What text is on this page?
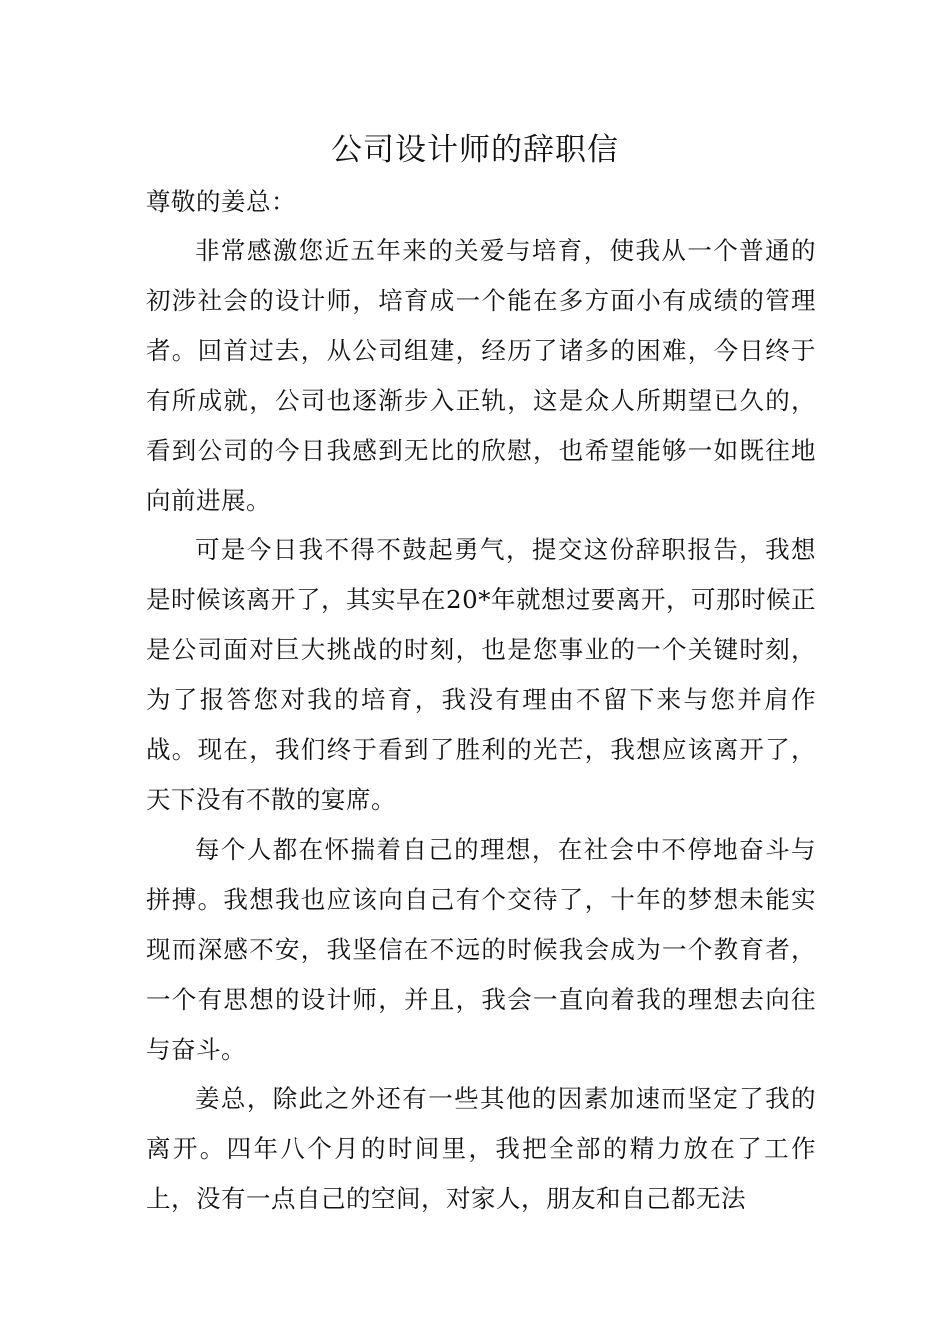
公司设计师的辞职信

尊敬的姜总：

非常感激您近五年来的关爱与培育，使我从一个普通的初涉社会的设计师，培育成一个能在多方面小有成绩的管理者。回首过去，从公司组建，经历了诸多的困难，今日终于有所成就，公司也逐渐步入正轨，这是众人所期望已久的，看到公司的今日我感到无比的欣慰，也希望能够一如既往地向前进展。

可是今日我不得不鼓起勇气，提交这份辞职报告，我想是时候该离开了，其实早在20*年就想过要离开，可那时候正是公司面对巨大挑战的时刻，也是您事业的一个关键时刻，为了报答您对我的培育，我没有理由不留下来与您并肩作战。现在，我们终于看到了胜利的光芒，我想应该离开了，天下没有不散的宴席。

每个人都在怀揣着自己的理想，在社会中不停地奋斗与拼搏。我想我也应该向自己有个交待了，十年的梦想未能实现而深感不安，我坚信在不远的时候我会成为一个教育者，一个有思想的设计师，并且，我会一直向着我的理想去向往与奋斗。

姜总，除此之外还有一些其他的因素加速而坚定了我的离开。四年八个月的时间里，我把全部的精力放在了工作上，没有一点自己的空间，对家人，朋友和自己都无法
